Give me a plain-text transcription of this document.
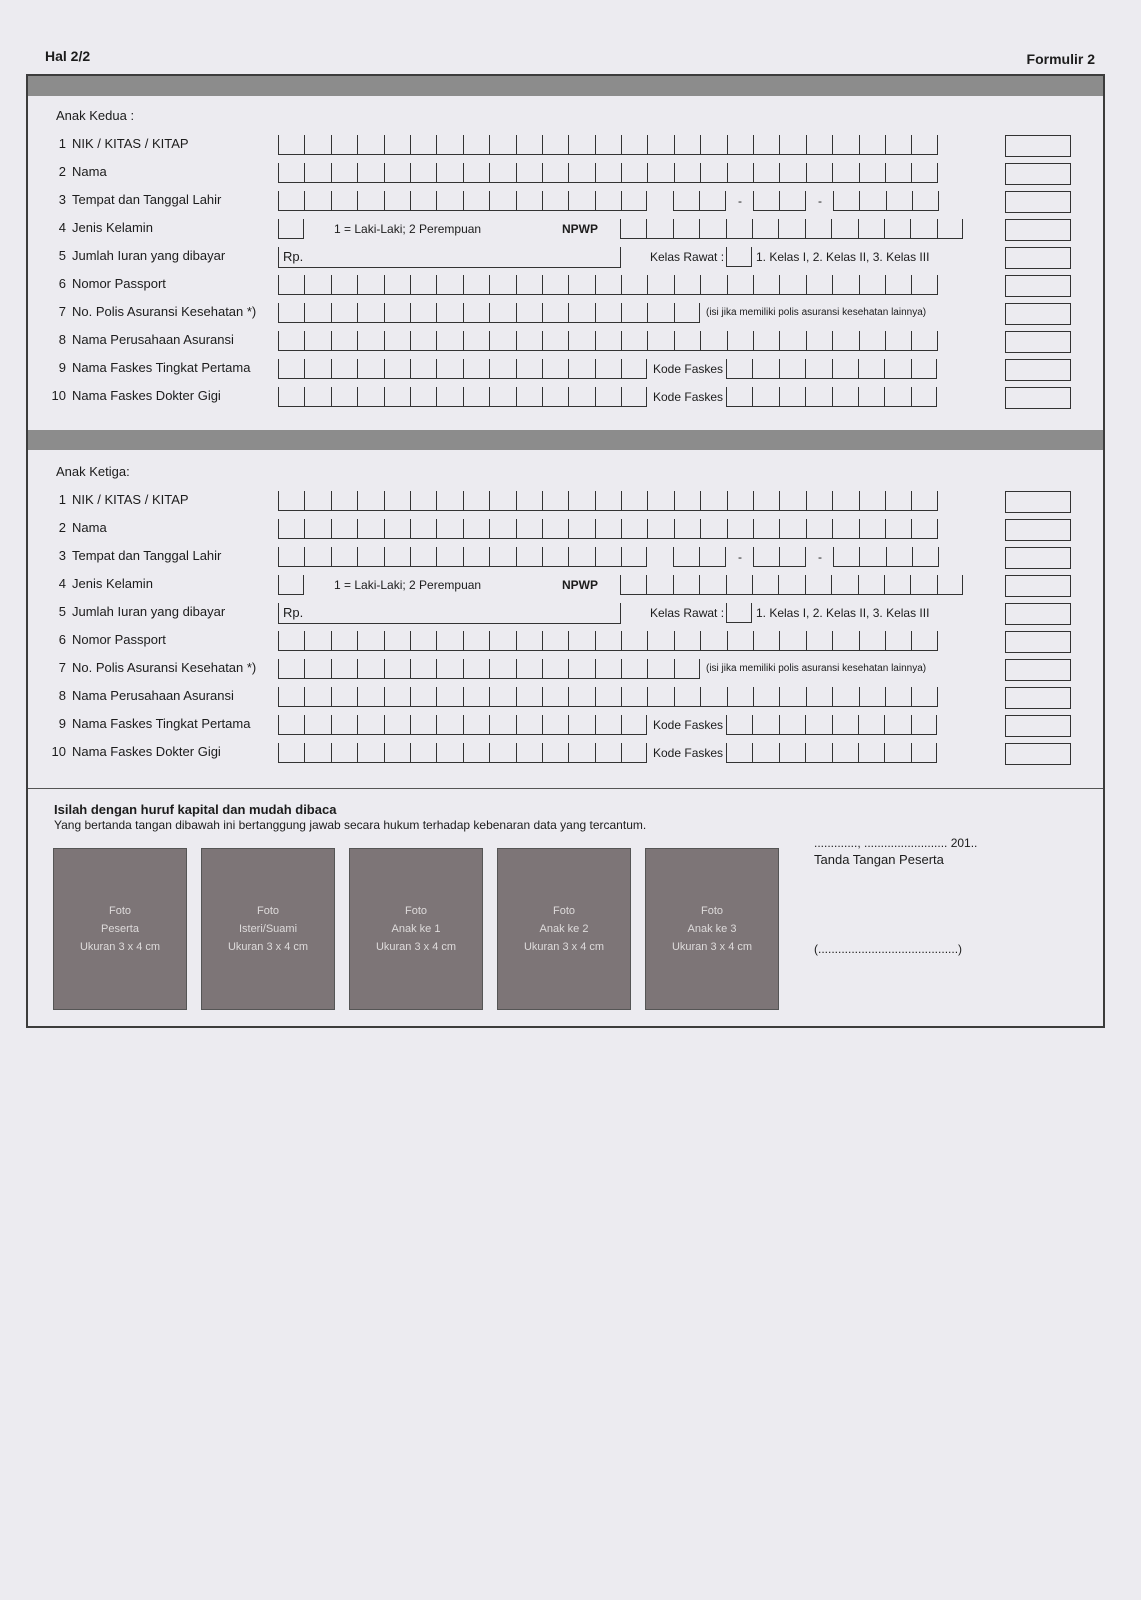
Hal 2/2	Formulir 2
Anak Kedua :
1 NIK / KITAS / KITAP
2 Nama
3 Tempat dan Tanggal Lahir	-	-
4 Jenis Kelamin	1 = Laki-Laki; 2 Perempuan	NPWP
5 Jumlah Iuran yang dibayar	Rp.	Kelas Rawat :	1. Kelas I, 2. Kelas II, 3. Kelas III
6 Nomor Passport
7 No. Polis Asuransi Kesehatan *)	(isi jika memiliki polis asuransi kesehatan lainnya)
8 Nama Perusahaan Asuransi
9 Nama Faskes Tingkat Pertama	Kode Faskes
10 Nama Faskes Dokter Gigi	Kode Faskes
Anak Ketiga:
1 NIK / KITAS / KITAP
2 Nama
3 Tempat dan Tanggal Lahir	-	-
4 Jenis Kelamin	1 = Laki-Laki; 2 Perempuan	NPWP
5 Jumlah Iuran yang dibayar	Rp.	Kelas Rawat :	1. Kelas I, 2. Kelas II, 3. Kelas III
6 Nomor Passport
7 No. Polis Asuransi Kesehatan *)	(isi jika memiliki polis asuransi kesehatan lainnya)
8 Nama Perusahaan Asuransi
9 Nama Faskes Tingkat Pertama	Kode Faskes
10 Nama Faskes Dokter Gigi	Kode Faskes
Isilah dengan huruf kapital dan mudah dibaca
Yang bertanda tangan dibawah ini bertanggung jawab secara hukum terhadap kebenaran data yang tercantum.
Foto
Peserta
Ukuran 3 x 4 cm
Foto
Isteri/Suami
Ukuran 3 x 4 cm
Foto
Anak ke 1
Ukuran 3 x 4 cm
Foto
Anak ke 2
Ukuran 3 x 4 cm
Foto
Anak ke 3
Ukuran 3 x 4 cm
............., ......................... 201..
Tanda Tangan Peserta
(..........................................)
